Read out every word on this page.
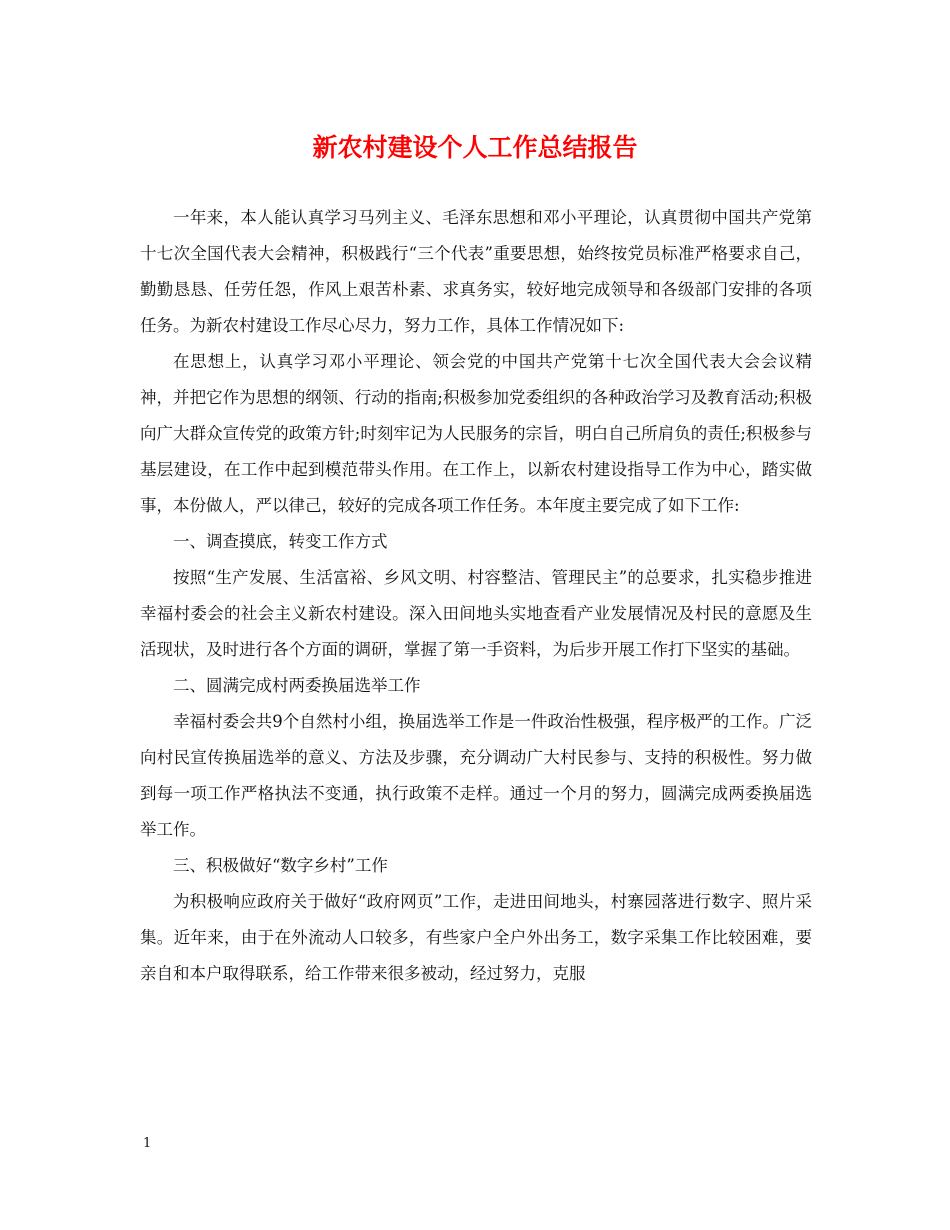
新农村建设个人工作总结报告

一年来，本人能认真学习马列主义、毛泽东思想和邓小平理论，认真贯彻中国共产党第十七次全国代表大会精神，积极践行“三个代表”重要思想，始终按党员标准严格要求自己，勤勤恳恳、任劳任怨，作风上艰苦朴素、求真务实，较好地完成领导和各级部门安排的各项任务。为新农村建设工作尽心尽力，努力工作，具体工作情况如下:

在思想上，认真学习邓小平理论、领会党的中国共产党第十七次全国代表大会会议精神，并把它作为思想的纲领、行动的指南;积极参加党委组织的各种政治学习及教育活动;积极向广大群众宣传党的政策方针;时刻牢记为人民服务的宗旨，明白自己所肩负的责任;积极参与基层建设，在工作中起到模范带头作用。在工作上，以新农村建设指导工作为中心，踏实做事，本份做人，严以律己，较好的完成各项工作任务。本年度主要完成了如下工作:

一、调查摸底，转变工作方式

按照“生产发展、生活富裕、乡风文明、村容整洁、管理民主”的总要求，扎实稳步推进幸福村委会的社会主义新农村建设。深入田间地头实地查看产业发展情况及村民的意愿及生活现状，及时进行各个方面的调研，掌握了第一手资料，为后步开展工作打下坚实的基础。

二、圆满完成村两委换届选举工作

幸福村委会共9个自然村小组，换届选举工作是一件政治性极强，程序极严的工作。广泛向村民宣传换届选举的意义、方法及步骤，充分调动广大村民参与、支持的积极性。努力做到每一项工作严格执法不变通，执行政策不走样。通过一个月的努力，圆满完成两委换届选举工作。

三、积极做好“数字乡村”工作

为积极响应政府关于做好“政府网页”工作，走进田间地头，村寨园落进行数字、照片采集。近年来，由于在外流动人口较多，有些家户全户外出务工，数字采集工作比较困难，要亲自和本户取得联系，给工作带来很多被动，经过努力，克服

1
